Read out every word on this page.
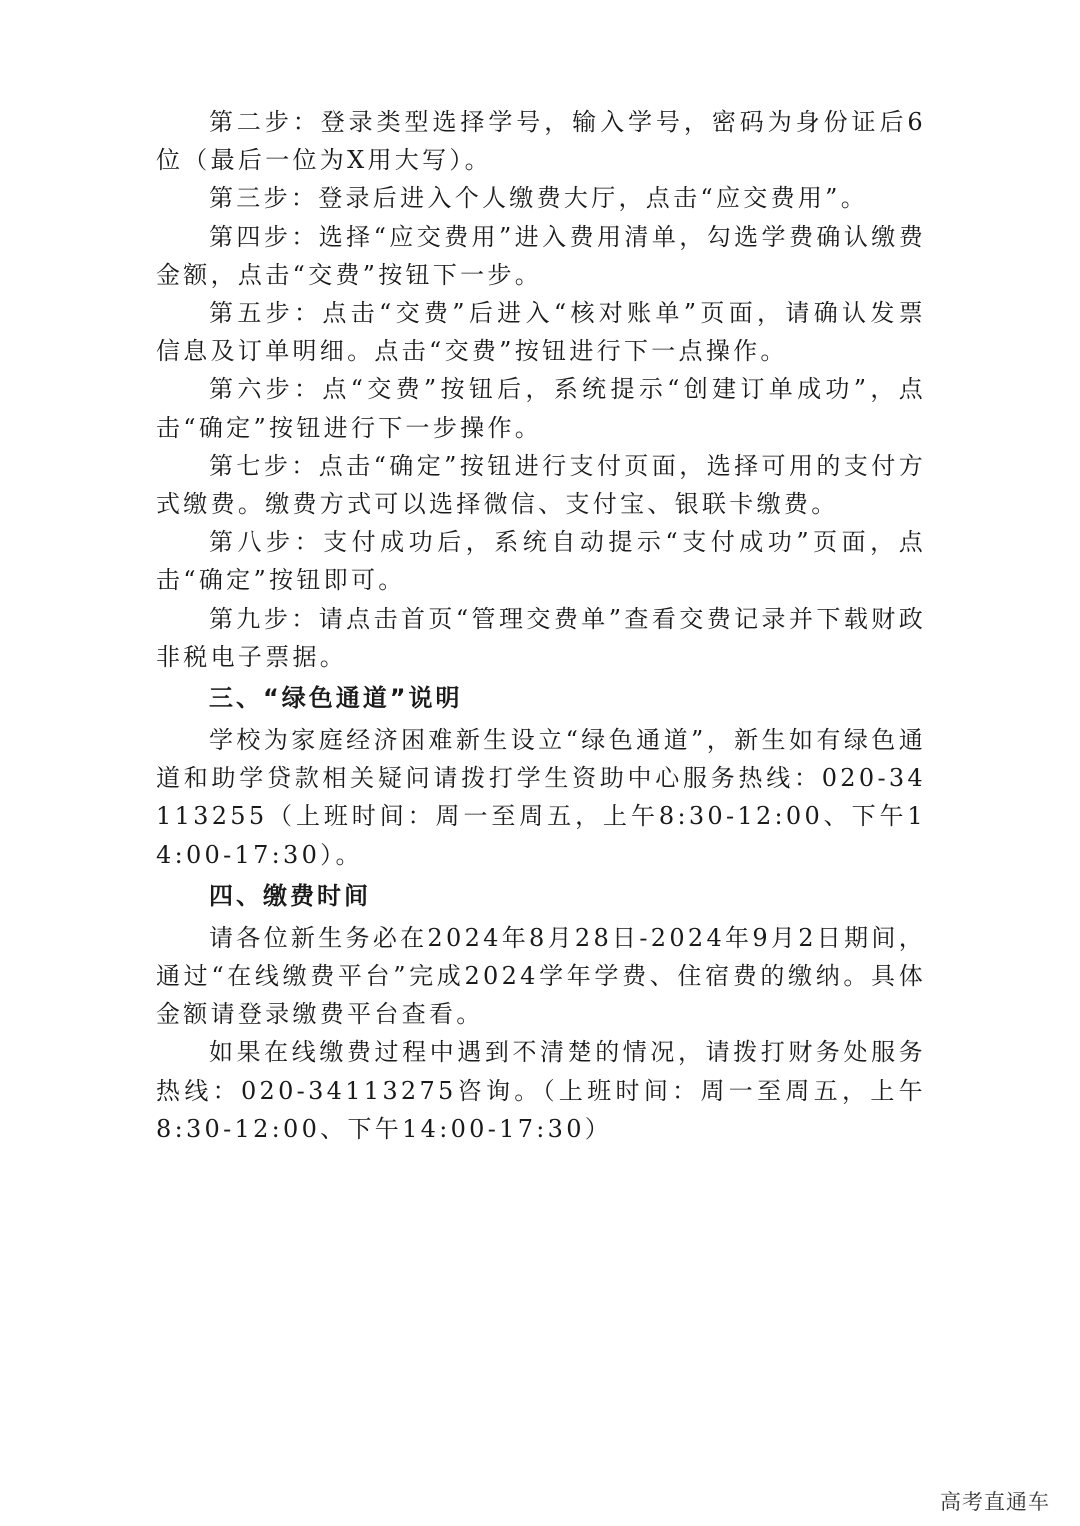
第二步：登录类型选择学号，输入学号，密码为身份证后6位（最后一位为X用大写）。

第三步：登录后进入个人缴费大厅，点击“应交费用”。

第四步：选择“应交费用”进入费用清单，勾选学费确认缴费金额，点击“交费”按钮下一步。

第五步：点击“交费”后进入“核对账单”页面，请确认发票信息及订单明细。点击“交费”按钮进行下一点操作。

第六步：点“交费”按钮后，系统提示“创建订单成功”，点击“确定”按钮进行下一步操作。

第七步：点击“确定”按钮进行支付页面，选择可用的支付方式缴费。缴费方式可以选择微信、支付宝、银联卡缴费。

第八步：支付成功后，系统自动提示“支付成功”页面，点击“确定”按钮即可。

第九步：请点击首页“管理交费单”查看交费记录并下载财政非税电子票据。

三、“绿色通道”说明

学校为家庭经济困难新生设立“绿色通道”，新生如有绿色通道和助学贷款相关疑问请拨打学生资助中心服务热线：020-34113255（上班时间：周一至周五，上午8:30-12:00、下午14:00-17:30）。

四、缴费时间

请各位新生务必在2024年8月28日-2024年9月2日期间，通过“在线缴费平台”完成2024学年学费、住宿费的缴纳。具体金额请登录缴费平台查看。

如果在线缴费过程中遇到不清楚的情况，请拨打财务处服务热线：020-34113275咨询。（上班时间：周一至周五，上午8:30-12:00、下午14:00-17:30）

高考直通车
